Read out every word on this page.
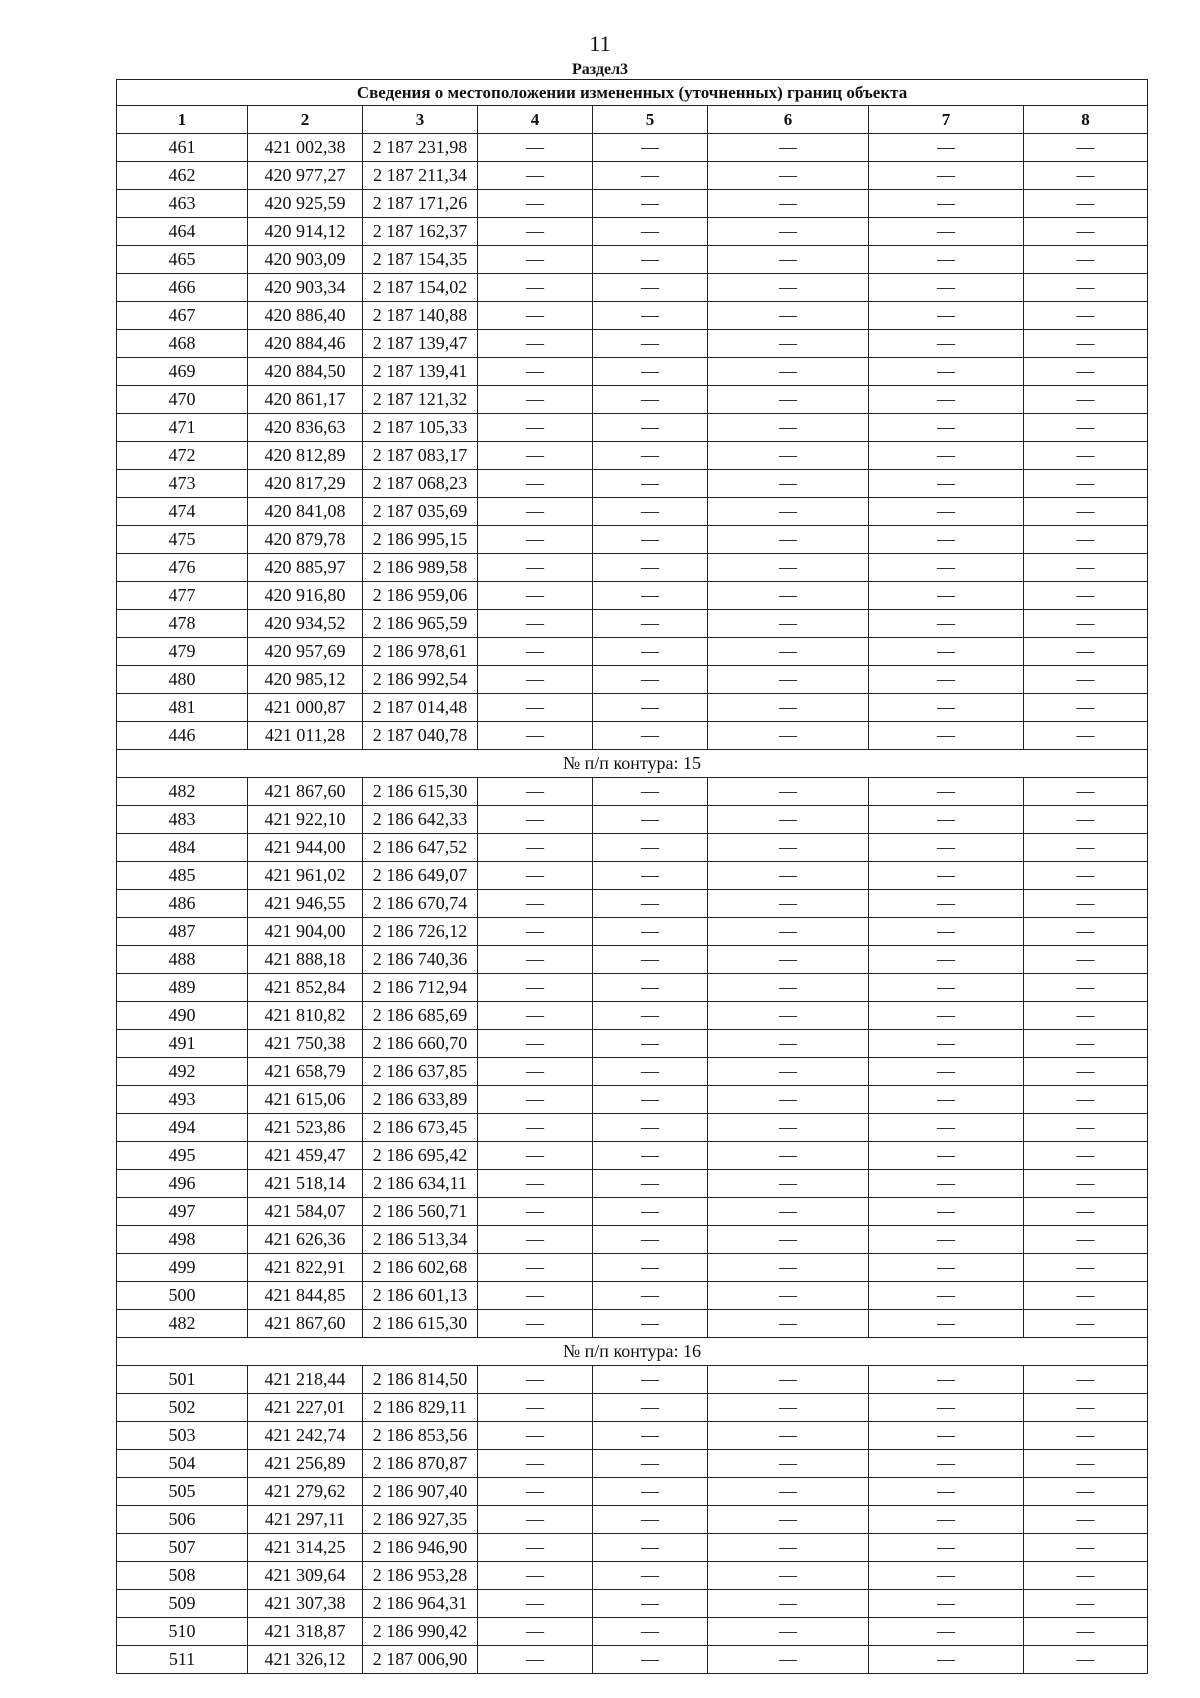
11
Раздел3
Сведения о местоположении измененных (уточненных) границ объекта							
1	2	3	4	5	6	7	8
461	421 002,38	2 187 231,98	—	—	—	—	—
462	420 977,27	2 187 211,34	—	—	—	—	—
463	420 925,59	2 187 171,26	—	—	—	—	—
464	420 914,12	2 187 162,37	—	—	—	—	—
465	420 903,09	2 187 154,35	—	—	—	—	—
466	420 903,34	2 187 154,02	—	—	—	—	—
467	420 886,40	2 187 140,88	—	—	—	—	—
468	420 884,46	2 187 139,47	—	—	—	—	—
469	420 884,50	2 187 139,41	—	—	—	—	—
470	420 861,17	2 187 121,32	—	—	—	—	—
471	420 836,63	2 187 105,33	—	—	—	—	—
472	420 812,89	2 187 083,17	—	—	—	—	—
473	420 817,29	2 187 068,23	—	—	—	—	—
474	420 841,08	2 187 035,69	—	—	—	—	—
475	420 879,78	2 186 995,15	—	—	—	—	—
476	420 885,97	2 186 989,58	—	—	—	—	—
477	420 916,80	2 186 959,06	—	—	—	—	—
478	420 934,52	2 186 965,59	—	—	—	—	—
479	420 957,69	2 186 978,61	—	—	—	—	—
480	420 985,12	2 186 992,54	—	—	—	—	—
481	421 000,87	2 187 014,48	—	—	—	—	—
446	421 011,28	2 187 040,78	—	—	—	—	—
№ п/п контура: 15							
482	421 867,60	2 186 615,30	—	—	—	—	—
483	421 922,10	2 186 642,33	—	—	—	—	—
484	421 944,00	2 186 647,52	—	—	—	—	—
485	421 961,02	2 186 649,07	—	—	—	—	—
486	421 946,55	2 186 670,74	—	—	—	—	—
487	421 904,00	2 186 726,12	—	—	—	—	—
488	421 888,18	2 186 740,36	—	—	—	—	—
489	421 852,84	2 186 712,94	—	—	—	—	—
490	421 810,82	2 186 685,69	—	—	—	—	—
491	421 750,38	2 186 660,70	—	—	—	—	—
492	421 658,79	2 186 637,85	—	—	—	—	—
493	421 615,06	2 186 633,89	—	—	—	—	—
494	421 523,86	2 186 673,45	—	—	—	—	—
495	421 459,47	2 186 695,42	—	—	—	—	—
496	421 518,14	2 186 634,11	—	—	—	—	—
497	421 584,07	2 186 560,71	—	—	—	—	—
498	421 626,36	2 186 513,34	—	—	—	—	—
499	421 822,91	2 186 602,68	—	—	—	—	—
500	421 844,85	2 186 601,13	—	—	—	—	—
482	421 867,60	2 186 615,30	—	—	—	—	—
№ п/п контура: 16							
501	421 218,44	2 186 814,50	—	—	—	—	—
502	421 227,01	2 186 829,11	—	—	—	—	—
503	421 242,74	2 186 853,56	—	—	—	—	—
504	421 256,89	2 186 870,87	—	—	—	—	—
505	421 279,62	2 186 907,40	—	—	—	—	—
506	421 297,11	2 186 927,35	—	—	—	—	—
507	421 314,25	2 186 946,90	—	—	—	—	—
508	421 309,64	2 186 953,28	—	—	—	—	—
509	421 307,38	2 186 964,31	—	—	—	—	—
510	421 318,87	2 186 990,42	—	—	—	—	—
511	421 326,12	2 187 006,90	—	—	—	—	—
